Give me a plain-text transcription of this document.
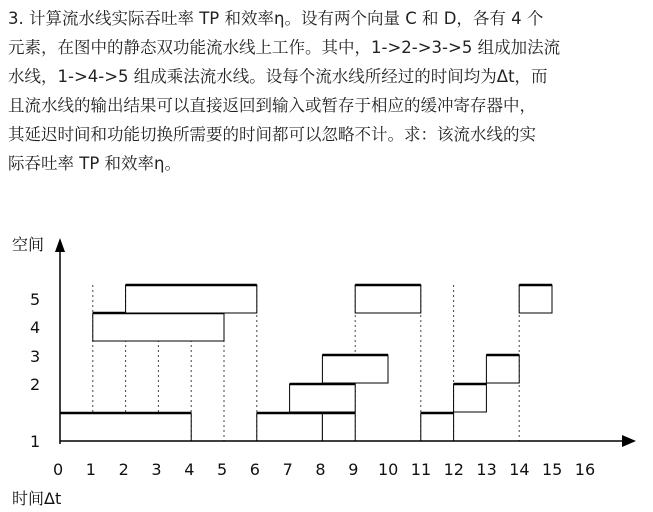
3. 计算流水线实际吞吐率 TP 和效率η。设有两个向量 C 和 D，各有 4 个
元素，在图中的静态双功能流水线上工作。其中，1->2->3->5 组成加法流
水线，1->4->5 组成乘法流水线。设每个流水线所经过的时间均为Δt，而
且流水线的输出结果可以直接返回到输入或暂存于相应的缓冲寄存器中，
其延迟时间和功能切换所需要的时间都可以忽略不计。求：该流水线的实
际吞吐率 TP 和效率η。
空间
时间Δt
1
2
3
4
5
0 1 2 3 4 5 6 7 8 9 10 11 12 13 14 15 16
